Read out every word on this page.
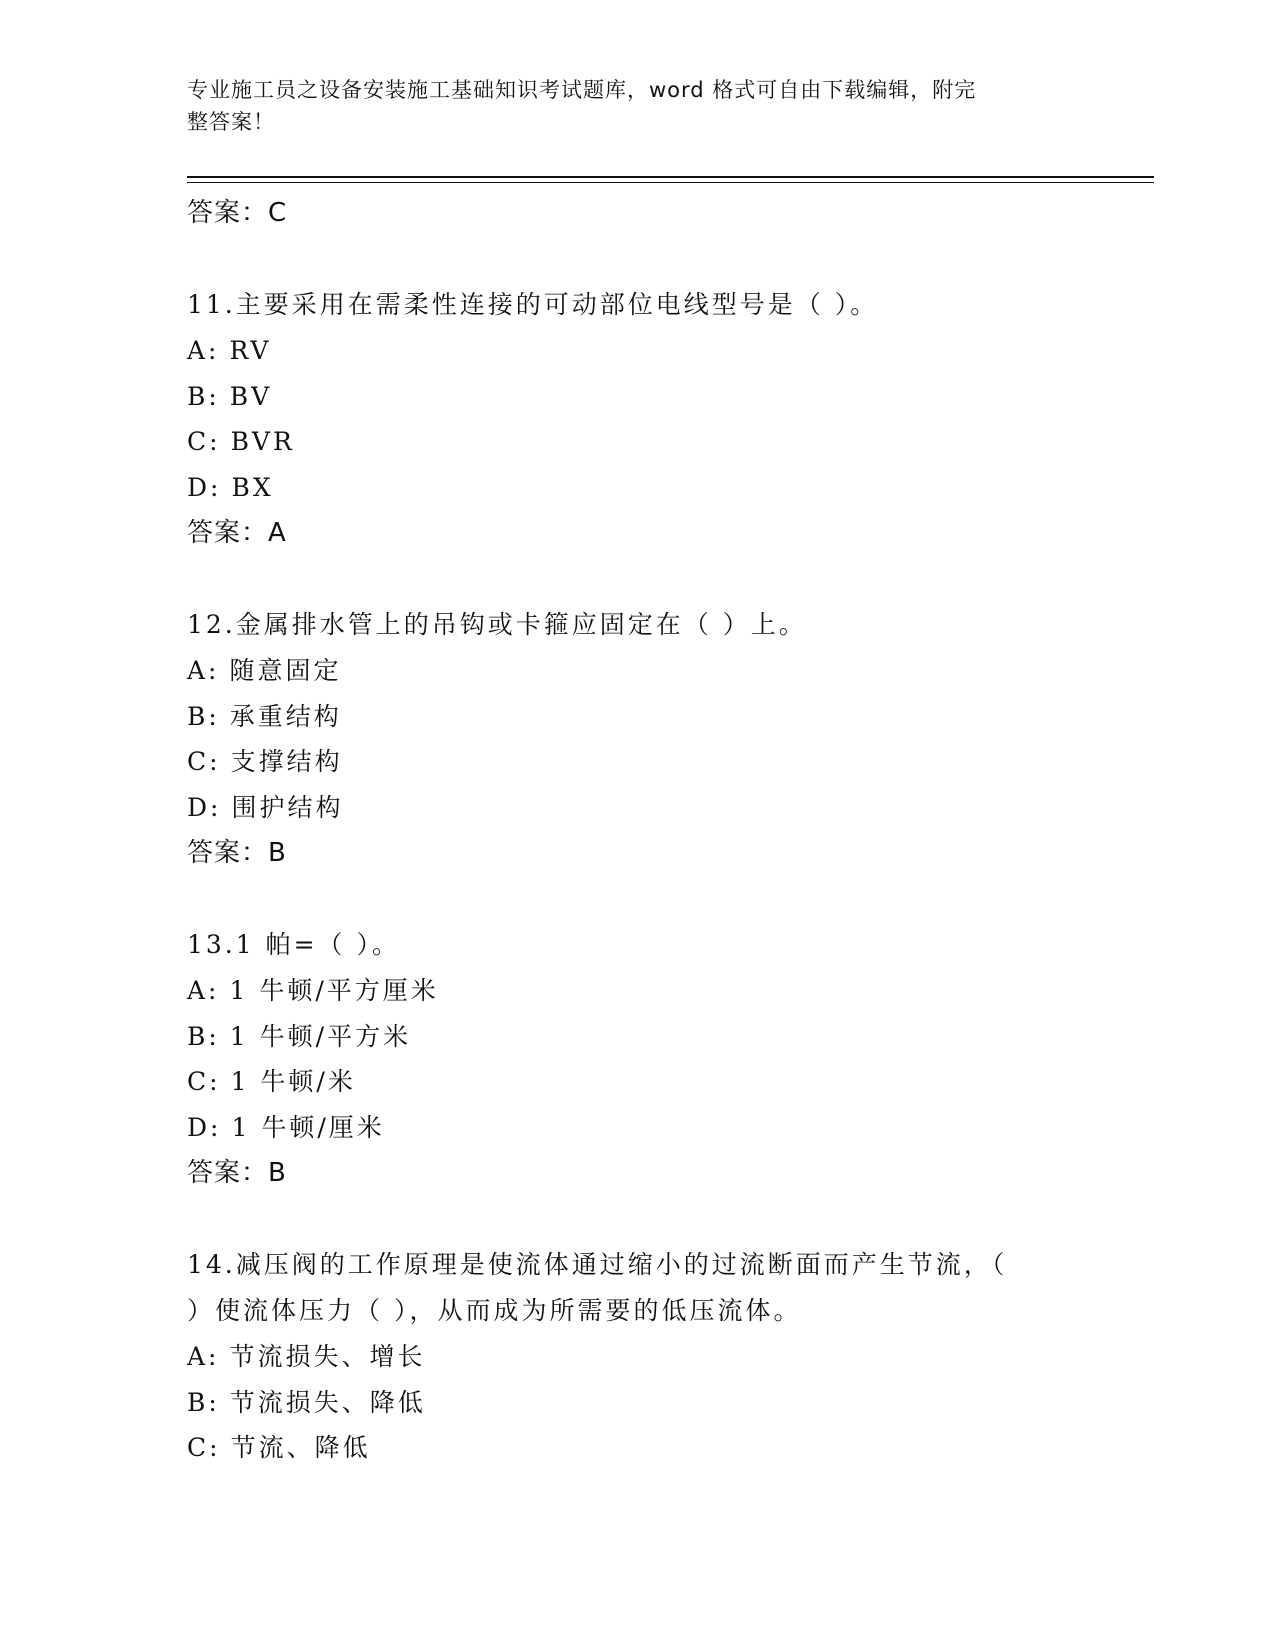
专业施工员之设备安装施工基础知识考试题库，word 格式可自由下载编辑，附完
整答案！
答案：C
11.主要采用在需柔性连接的可动部位电线型号是（ ）。
A: RV
B: BV
C: BVR
D: BX
答案：A
12.金属排水管上的吊钩或卡箍应固定在（ ）上。
A: 随意固定
B: 承重结构
C: 支撑结构
D: 围护结构
答案：B
13.1 帕=（ ）。
A: 1 牛顿/平方厘米
B: 1 牛顿/平方米
C: 1 牛顿/米
D: 1 牛顿/厘米
答案：B
14.减压阀的工作原理是使流体通过缩小的过流断面而产生节流，（
）使流体压力（ ），从而成为所需要的低压流体。
A: 节流损失、增长
B: 节流损失、降低
C: 节流、降低
